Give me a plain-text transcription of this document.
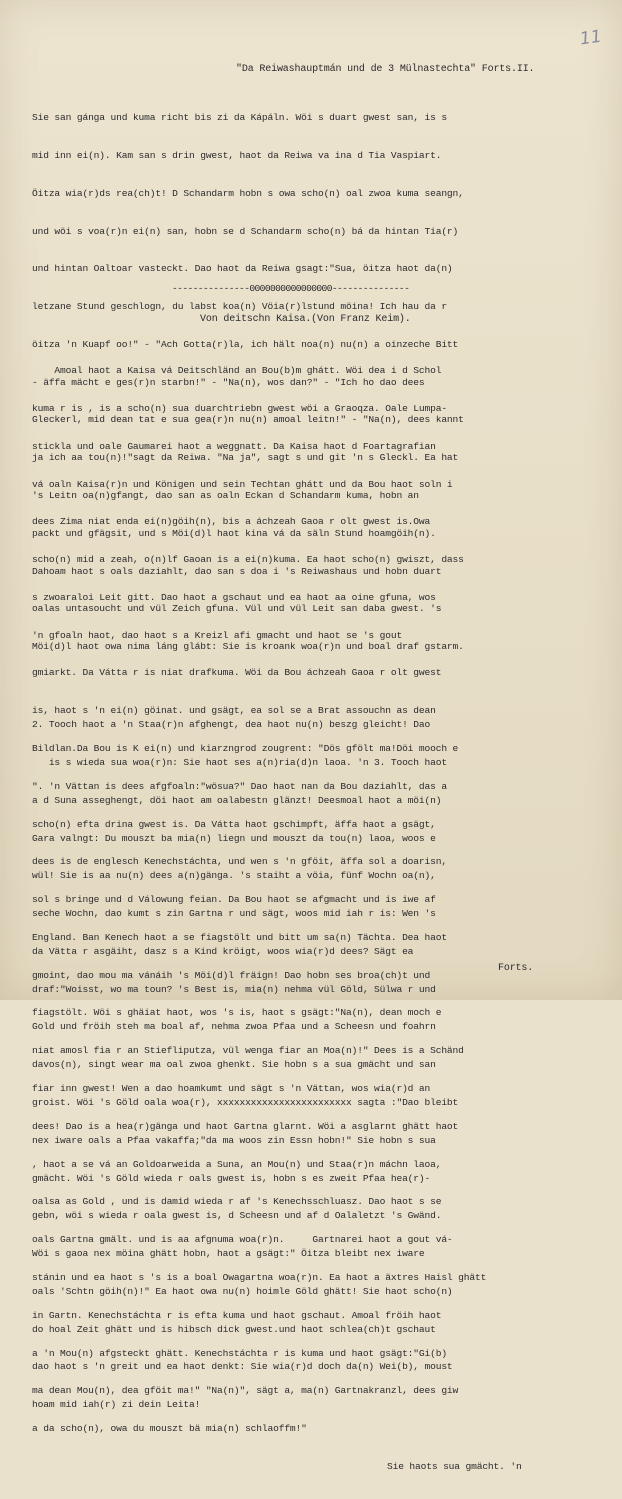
11
"Da Reiwashauptmán und de 3 Mülnastechta" Forts.II.

Sie san gánga und kuma richt bis zi da Kápáln. Wöi s duart gwest san, is s

mid inn ei(n). Kam san s drin gwest, haot da Reiwa va ina d Tia Vaspiart.

Öitza wia(r)ds rea(ch)t! D Schandarm hobn s owa scho(n) oal zwoa kuma seangn,

und wöi s voa(r)n ei(n) san, hobn se d Schandarm scho(n) bá da hintan Tia(r)

und hintan Oaltoar vasteckt. Dao haot da Reiwa gsagt:"Sua, öitza haot da(n)

letzane Stund geschlogn, du labst koa(n) Vöia(r)lstund möina! Ich hau da r

öitza 'n Kuapf oo!" - "Ach Gotta(r)la, ich hält noa(n) nu(n) a oinzeche Bitt

- äffa mächt e ges(r)n starbn!" - "Na(n), wos dan?" - "Ich ho dao dees

Gleckerl, mid dean tat e sua gea(r)n nu(n) amoal leitn!" - "Na(n), dees kannt

ja ich aa tou(n)!"sagt da Reiwa. "Na ja", sagt s und git 'n s Gleckl. Ea hat

's Leitn oa(n)gfangt, dao san as oaln Eckan d Schandarm kuma, hobn an

packt und gfägsit, und s Möi(d)l haot kina vá da säln Stund hoamgöih(n).

Dahoam haot s oals daziahlt, dao san s doa i 's Reiwashaus und hobn duart

oalas untasoucht und vül Zeich gfuna. Vül und vül Leit san daba gwest. 's

Möi(d)l haot owa nima láng glábt: Sie is kroank woa(r)n und boal draf gstarm.

---------------0000000000000000---------------
Von deitschn Kaisa.(Von Franz Keim).

Amoal haot a Kaisa vá Deitschländ an Bou(b)m ghátt. Wöi dea i d Schol

kuma r is , is a scho(n) sua duarchtriebn gwest wöi a Graoqza. Oale Lumpa-

stickla und oale Gaumarei haot a weggnatt. Da Kaisa haot d Foartagrafian

vá oaln Kaisa(r)n und Königen und sein Techtan ghátt und da Bou haot soln i

dees Zima niat enda ei(n)göih(n), bis a áchzeah Gaoa r olt gwest is.Owa

scho(n) mid a zeah, o(n)lf Gaoan is a ei(n)kuma. Ea haot scho(n) gwiszt, dass

s zwoaraloi Leit gitt. Dao haot a gschaut und ea haot aa oine gfuna, wos

'n gfoaln haot, dao haot s a Kreizl afi gmacht und haot se 's gout

gmiarkt. Da Vátta r is niat drafkuma. Wöi da Bou áchzeah Gaoa r olt gwest

is, haot s 'n ei(n) göinat. und gsägt, ea sol se a Brat assouchn as dean

Bildlan.Da Bou is K ei(n) und kiarzngrod zougrent: "Dös gfölt ma!Döi mooch e

". 'n Vättan is dees afgfoaln:"wösua?" Dao haot nan da Bou daziahlt, das a

scho(n) efta drina gwest is. Da Vátta haot gschimpft, äffa haot a gsägt,

dees is de englesch Kenechstáchta, und wen s 'n gföit, äffa sol a doarisn,

sol s bringe und d Válowung feian. Da Bou haot se afgmacht und is iwe af

England. Ban Kenech haot a se fiagstölt und bitt um sa(n) Tächta. Dea haot

gmoint, dao mou ma vánáih 's Möi(d)l fräign! Dao hobn ses broa(ch)t und

fiagstölt. Wöi s ghäiat haot, wos 's is, haot s gsägt:"Na(n), dean moch e

niat amosl fia r an Stiefliputza, vül wenga fiar an Moa(n)!" Dees is a Schänd

fiar inn gwest! Wen a dao hoamkumt und sägt s 'n Vättan, wos wia(r)d an

dees! Dao is a hea(r)gänga und haot Gartna glarnt. Wöi a asglarnt ghätt haot

, haot a se vá an Goldoarweida a Suna, an Mou(n) und Staa(r)n máchn laoa,

oalsa as Gold , und is damid wieda r af 's Kenechsschluasz. Dao haot s se

oals Gartna gmält. und is aa afgnuma woa(r)n.     Gartnarei haot a gout vá-

stánin und ea haot s 's is a boal Owagartna woa(r)n. Ea haot a äxtres Haisl ghätt

in Gartn. Kenechstáchta r is efta kuma und haot gschaut. Amoal fröih haot

a 'n Mou(n) afgsteckt ghätt. Kenechstáchta r is kuma und haot gsägt:"Gi(b)

ma dean Mou(n), dea gföit ma!" "Na(n)", sägt a, ma(n) Gartnakranzl, dees giw

a da scho(n), owa du mouszt bä mia(n) schlaoffm!"

Sie haots sua gmächt. 'n

2. Tooch haot a 'n Staa(r)n afghengt, dea haot nu(n) beszg gleicht! Dao

is s wieda sua woa(r)n: Sie haot ses a(n)ria(d)n laoa. 'n 3. Tooch haot

a d Suna asseghengt, döi haot am oalabestn glänzt! Deesmoal haot a möi(n)

Gara valngt: Du mouszt ba mia(n) liegn und mouszt da tou(n) laoa, woos e

wül! Sie is aa nu(n) dees a(n)gänga. 's staiht a vöia, fünf Wochn oa(n),

seche Wochn, dao kumt s zin Gartna r und sägt, woos mid iah r is: Wen 's

da Vätta r asgäiht, dasz s a Kind kröigt, woos wia(r)d dees? Sägt ea

draf:"Woisst, wo ma toun? 's Best is, mia(n) nehma vül Göld, Sülwa r und

Gold und fröih steh ma boal af, nehma zwoa Pfaa und a Scheesn und foahrn

davos(n), singt wear ma oal zwoa ghenkt. Sie hobn s a sua gmächt und san

groist. Wöi 's Göld oala woa(r), xxxxxxxxxxxxxxxxxxxxxxxx sagta :"Dao bleibt

nex iware oals a Pfaa vakaffa;"da ma woos zin Essn hobn!" Sie hobn s sua

gmächt. Wöi 's Göld wieda r oals gwest is, hobn s es zweit Pfaa hea(r)-

gebn, wöi s wieda r oala gwest is, d Scheesn und af d Oalaletzt 's Gwänd.

Wöi s gaoa nex möina ghätt hobn, haot a gsägt:" Öitza bleibt nex iware

oals 'Schtn göih(n)!" Ea haot owa nu(n) hoimle Göld ghätt! Sie haot scho(n)

do hoal Zeit ghätt und is hibsch dick gwest.und haot schlea(ch)t gschaut

dao haot s 'n greit und ea haot denkt: Sie wia(r)d doch da(n) Wei(b), moust

hoam mid iah(r) zi dein Leita!

Forts.
